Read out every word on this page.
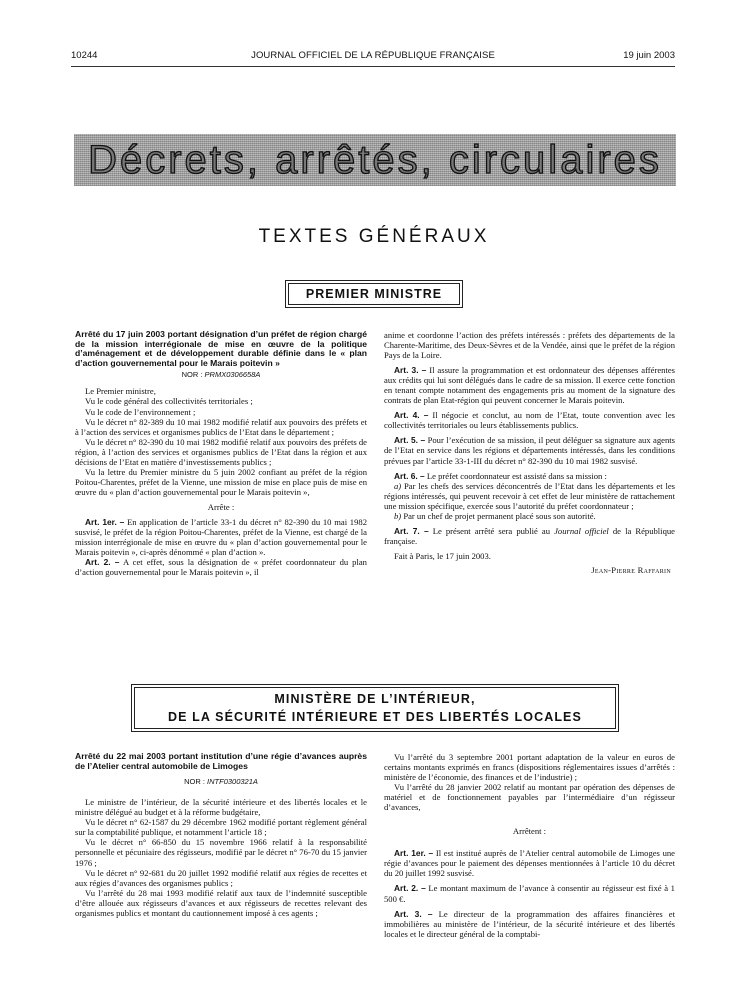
10244	JOURNAL OFFICIEL DE LA RÉPUBLIQUE FRANÇAISE	19 juin 2003
Décrets, arrêtés, circulaires
TEXTES GÉNÉRAUX
PREMIER MINISTRE
Arrêté du 17 juin 2003 portant désignation d’un préfet de région chargé de la mission interrégionale de mise en œuvre de la politique d’aménagement et de développement durable définie dans le « plan d’action gouvernemental pour le Marais poitevin »
NOR : PRMX0306658A

Le Premier ministre,

Vu le code général des collectivités territoriales ;

Vu le code de l’environnement ;

Vu le décret n° 82-389 du 10 mai 1982 modifié relatif aux pouvoirs des préfets et à l’action des services et organismes publics de l’Etat dans le département ;

Vu le décret n° 82-390 du 10 mai 1982 modifié relatif aux pouvoirs des préfets de région, à l’action des services et organismes publics de l’Etat dans la région et aux décisions de l’Etat en matière d’investissements publics ;

Vu la lettre du Premier ministre du 5 juin 2002 confiant au préfet de la région Poitou-Charentes, préfet de la Vienne, une mission de mise en place puis de mise en œuvre du « plan d’action gouvernemental pour le Marais poitevin »,

Arrête :

Art. 1er. – En application de l’article 33-1 du décret n° 82-390 du 10 mai 1982 susvisé, le préfet de la région Poitou-Charentes, préfet de la Vienne, est chargé de la mission interrégionale de mise en œuvre du « plan d’action gouvernemental pour le Marais poitevin », ci-après dénommé « plan d’action ».

Art. 2. – A cet effet, sous la désignation de « préfet coordonnateur du plan d’action gouvernemental pour le Marais poitevin », il

anime et coordonne l’action des préfets intéressés : préfets des départements de la Charente-Maritime, des Deux-Sèvres et de la Vendée, ainsi que le préfet de la région Pays de la Loire.

Art. 3. – Il assure la programmation et est ordonnateur des dépenses afférentes aux crédits qui lui sont délégués dans le cadre de sa mission. Il exerce cette fonction en tenant compte notamment des engagements pris au moment de la signature des contrats de plan Etat-région qui peuvent concerner le Marais poitevin.

Art. 4. – Il négocie et conclut, au nom de l’Etat, toute convention avec les collectivités territoriales ou leurs établissements publics.

Art. 5. – Pour l’exécution de sa mission, il peut déléguer sa signature aux agents de l’Etat en service dans les régions et départements intéressés, dans les conditions prévues par l’article 33-1-III du décret n° 82-390 du 10 mai 1982 susvisé.

Art. 6. – Le préfet coordonnateur est assisté dans sa mission :

a) Par les chefs des services déconcentrés de l’Etat dans les départements et les régions intéressés, qui peuvent recevoir à cet effet de leur ministère de rattachement une mission spécifique, exercée sous l’autorité du préfet coordonnateur ;

b) Par un chef de projet permanent placé sous son autorité.

Art. 7. – Le présent arrêté sera publié au Journal officiel de la République française.

Fait à Paris, le 17 juin 2003.

Jean-Pierre Raffarin

MINISTÈRE DE L’INTÉRIEUR,
DE LA SÉCURITÉ INTÉRIEURE ET DES LIBERTÉS LOCALES
Arrêté du 22 mai 2003 portant institution d’une régie d’avances auprès de l’Atelier central automobile de Limoges
NOR : INTF0300321A

Le ministre de l’intérieur, de la sécurité intérieure et des libertés locales et le ministre délégué au budget et à la réforme budgétaire,

Vu le décret n° 62-1587 du 29 décembre 1962 modifié portant règlement général sur la comptabilité publique, et notamment l’article 18 ;

Vu le décret n° 66-850 du 15 novembre 1966 relatif à la responsabilité personnelle et pécuniaire des régisseurs, modifié par le décret n° 76-70 du 15 janvier 1976 ;

Vu le décret n° 92-681 du 20 juillet 1992 modifié relatif aux régies de recettes et aux régies d’avances des organismes publics ;

Vu l’arrêté du 28 mai 1993 modifié relatif aux taux de l’indemnité susceptible d’être allouée aux régisseurs d’avances et aux régisseurs de recettes relevant des organismes publics et montant du cautionnement imposé à ces agents ;

Vu l’arrêté du 3 septembre 2001 portant adaptation de la valeur en euros de certains montants exprimés en francs (dispositions réglementaires issues d’arrêtés : ministère de l’économie, des finances et de l’industrie) ;

Vu l’arrêté du 28 janvier 2002 relatif au montant par opération des dépenses de matériel et de fonctionnement payables par l’intermédiaire d’un régisseur d’avances,

Arrêtent :

Art. 1er. – Il est institué auprès de l’Atelier central automobile de Limoges une régie d’avances pour le paiement des dépenses mentionnées à l’article 10 du décret du 20 juillet 1992 susvisé.

Art. 2. – Le montant maximum de l’avance à consentir au régisseur est fixé à 1 500 €.

Art. 3. – Le directeur de la programmation des affaires financières et immobilières au ministère de l’intérieur, de la sécurité intérieure et des libertés locales et le directeur général de la comptabi-
